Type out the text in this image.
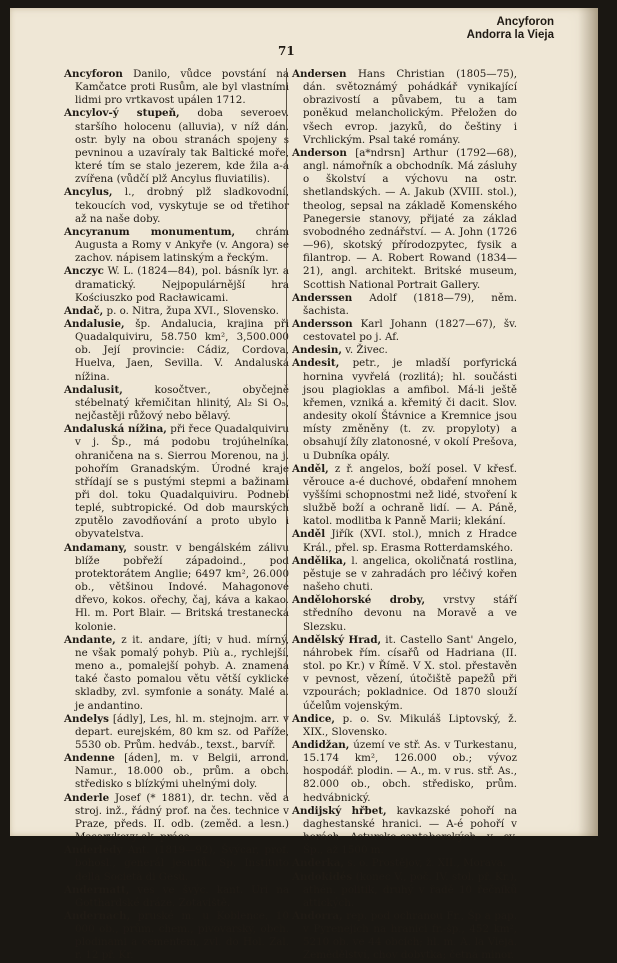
Ancyforon
Andorra la Vieja
71

Ancyforon Danilo, vůdce povstání na Kamčatce proti Rusům, ale byl vlastními lidmi pro vrtkavost upálen 1712.

Ancylov-ý stupeň, doba severoev. staršího holocenu (alluvia), v níž dán. ostr. byly na obou stranách spojeny s pevninou a uzavíraly tak Baltické moře, které tím se stalo jezerem, kde žila a-á zvířena (vůdčí plž Ancylus fluviatilis).

Ancylus, l., drobný plž sladkovodní, tekoucích vod, vyskytuje se od třetihor až na naše doby.

Ancyranum monumentum, chrám Augusta a Romy v Ankyře (v. Angora) se zachov. nápisem latinským a řeckým.

Anczyc W. L. (1824—84), pol. básník lyr. a dramatický. Nejpopulárnější hra Kościuszko pod Racławicami.

Andač, p. o. Nitra, župa XVI., Slovensko.

Andalusie, šp. Andalucia, krajina při Quadalquiviru, 58.750 km², 3,500.000 ob. Její provincie: Cádiz, Cordova, Huelva, Jaen, Sevilla. V. Andaluská nížina.

Andalusit, kosočtver., obyčejně stébelnatý křemičitan hlinitý, Al₂ Si O₅, nejčastěji růžový nebo bělavý.

Andaluská nížina, při řece Quadalquiviru v j. Šp., má podobu trojúhelníka, ohraničena na s. Sierrou Morenou, na j. pohořím Granadským. Úrodné kraje střídají se s pustými stepmi a bažinami při dol. toku Quadalquiviru. Podnebí teplé, subtropické. Od dob maurských zputělo zavodňování a proto ubylo i obyvatelstva.

Andamany, soustr. v bengálském zálivu blíže pobřeží západoind., pod protektorátem Anglie; 6497 km², 26.000 ob., většinou Indové. Mahagonové dřevo, kokos. ořechy, čaj, káva a kakao. Hl. m. Port Blair. — Britská trestanecká kolonie.

Andante, z it. andare, jíti; v hud. mírný, ne však pomalý pohyb. Più a., rychlejší, meno a., pomalejší pohyb. A. znamená také často pomalou větu větší cyklické skladby, zvl. symfonie a sonáty. Malé a. je andantino.

Andelys [ádly], Les, hl. m. stejnojm. arr. v depart. eurejském, 80 km sz. od Paříže, 5530 ob. Prům. hedváb., texst., barvíř.

Andenne [áden], m. v Belgii, arrond. Namur., 18.000 ob., prům. a obch. středisko s blízkými uhelnými doly.

Anderle Josef (* 1881), dr. techn. věd a stroj. inž., řádný prof. na čes. technice v Praze, předs. II. odb. (zeměd. a lesn.) Masarykovy ak. práce.

Anderledy Ant. (1819—92), Švýcar, prof. bohosl., generál jesuitů. Sp. Instituto della Società di Gesù.

Andermatt, ves ve švýc. kant. Uri na Gotthardské dráze. Zotaviště.

Andernach, pruské m. u Koblence, 10 000 ob., prům. chem., pivovarský, obch. plodinami a cementem, zvl. do Hol. Zal. r. 12 př. Kr.

Andersen Hans Christian (1805—75), dán. světoznámý pohádkář vynikající obrazivostí a půvabem, tu a tam poněkud melancholickým. Přeložen do všech evrop. jazyků, do češtiny i Vrchlickým. Psal také romány.

Anderson [a*ndrsn] Arthur (1792—68), angl. námořník a obchodník. Má zásluhy o školství a výchovu na ostr. shetlandských. — A. Jakub (XVIII. stol.), theolog, sepsal na základě Komenského Panegersie stanovy, přijaté za základ svobodného zednářství. — A. John (1726—96), skotský přírodozpytec, fysik a filantrop. — A. Robert Rowand (1834—21), angl. architekt. Britské museum, Scottish National Portrait Gallery.

Anderssen Adolf (1818—79), něm. šachista.

Andersson Karl Johann (1827—67), šv. cestovatel po j. Af.

Andesin, v. Živec.

Andesit, petr., je mladší porfyrická hornina vyvřelá (rozlitá); hl. součásti jsou plagioklas a amfibol. Má-li ještě křemen, vzniká a. křemitý či dacit. Slov. andesity okolí Štávnice a Kremnice jsou místy změněny (t. zv. propyloty) a obsahují žíly zlatonosné, v okolí Prešova, u Dubníka opály.

Anděl, z ř. angelos, boží posel. V křesť. věrouce a-é duchové, obdaření mnohem vyššími schopnostmi než lidé, stvoření k službě boží a ochraně lidí. — A. Páně, katol. modlitba k Panně Marii; klekání.

Anděl Jiřík (XVI. stol.), mnich z Hradce Král., přel. sp. Erasma Rotterdamského.

Andělika, l. angelica, okoličnatá rostlina, pěstuje se v zahradách pro léčivý kořen našeho chuti.

Andělohorské droby, vrstvy stáří středního devonu na Moravě a ve Slezsku.

Andělský Hrad, it. Castello Sant' Angelo, náhrobek řím. císařů od Hadriana (II. stol. po Kr.) v Římě. V X. stol. přestavěn v pevnost, vězení, útočiště papežů při vzpourách; pokladnice. Od 1870 slouží účelům vojenským.

Andice, p. o. Sv. Mikuláš Liptovský, ž. XIX., Slovensko.

Andidžan, území ve stř. As. v Turkestanu, 15.174 km², 126.000 ob.; vývoz hospodář. plodin. — A., m. v rus. stř. As., 82.000 ob., obch. středisko, prům. hedvábnický.

Andijský hřbet, kavkazské pohoří na daghestanské hranici. — A-é pohoří v horách Astursko-cantaberských v sv. Šp., až 1500 m.

Anderka, s. o. Prostějov, ž. XII., Morava.

Andokidés (konec V., poč. IV. stol. př. Kr.), athén. politik, druhý v řadě 10 řečníků attických.

Andorra, rep. pod ochranou Fr., Šp a pap. v Pyrenejích na hranici fr.-šp., 452 km², 5210 ob. ve 44 obcích; hl. m. A. la Vieja. Zemědělství, chov dobytka; četná minor.
